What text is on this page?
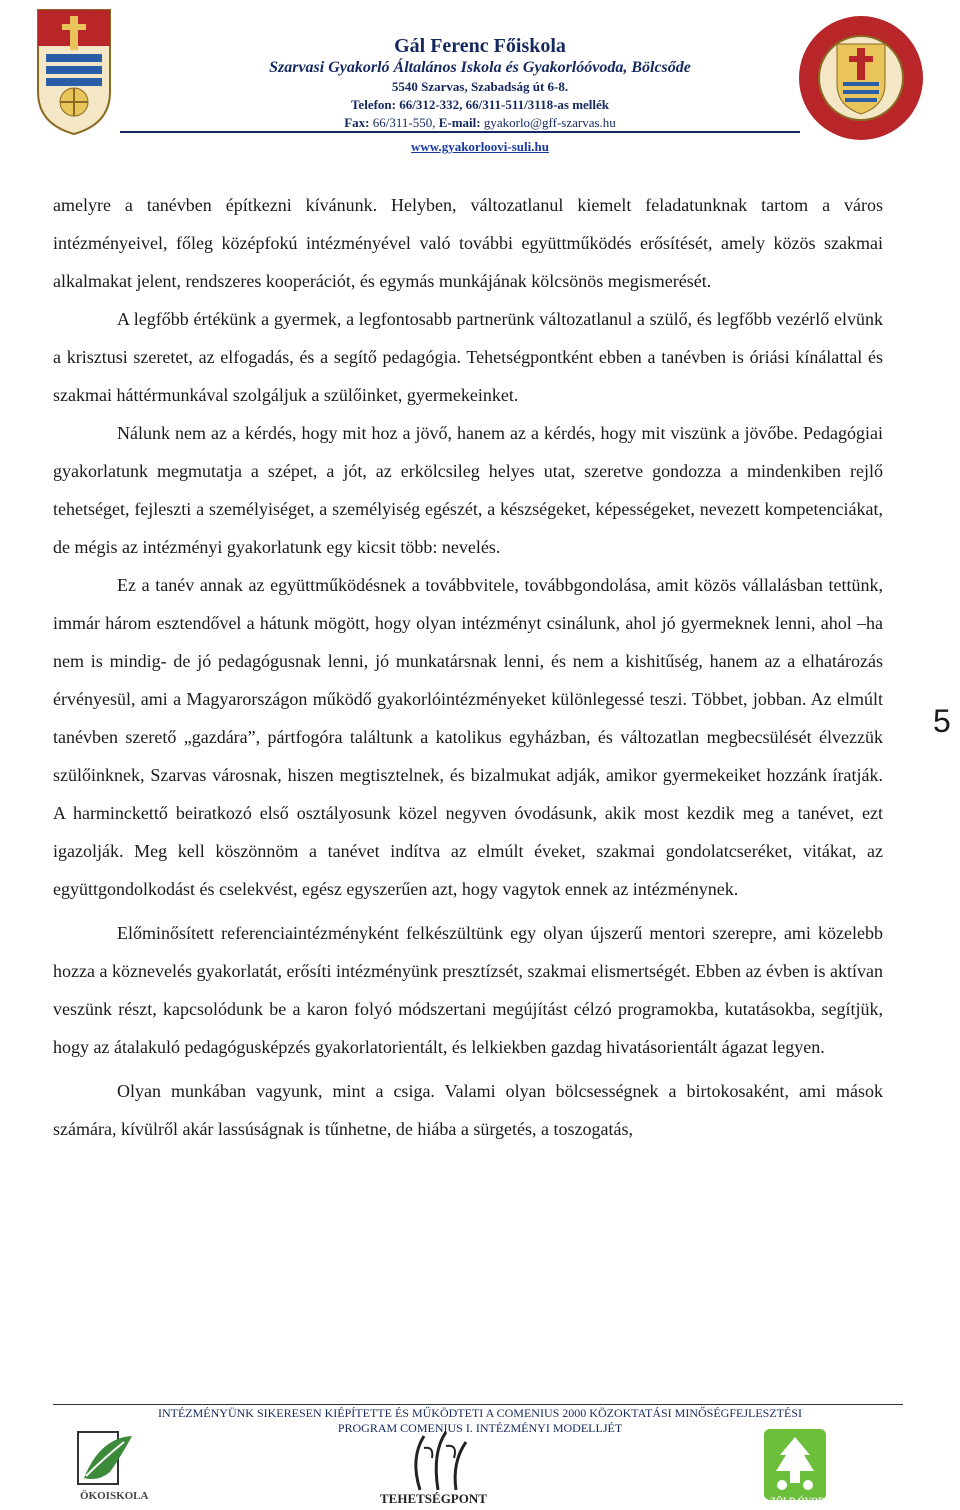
Gál Ferenc Főiskola
Szarvasi Gyakorló Általános Iskola és Gyakorlóóvoda, Bölcsőde
5540 Szarvas, Szabadság út 6-8.
Telefon: 66/312-332, 66/311-511/3118-as mellék
Fax: 66/311-550, E-mail: gyakorlo@gff-szarvas.hu
www.gyakorloovi-suli.hu

amelyre a tanévben építkezni kívánunk. Helyben, változatlanul kiemelt feladatunknak tartom a város intézményeivel, főleg középfokú intézményével való további együttműködés erősítését, amely közös szakmai alkalmakat jelent, rendszeres kooperációt, és egymás munkájának kölcsönös megismerését.

A legfőbb értékünk a gyermek, a legfontosabb partnerünk változatlanul a szülő, és legfőbb vezérlő elvünk a krisztusi szeretet, az elfogadás, és a segítő pedagógia. Tehetségpontként ebben a tanévben is óriási kínálattal és szakmai háttérmunkával szolgáljuk a szülőinket, gyermekeinket.

Nálunk nem az a kérdés, hogy mit hoz a jövő, hanem az a kérdés, hogy mit viszünk a jövőbe. Pedagógiai gyakorlatunk megmutatja a szépet, a jót, az erkölcsileg helyes utat, szeretve gondozza a mindenkiben rejlő tehetséget, fejleszti a személyiséget, a személyiség egészét, a készségeket, képességeket, nevezett kompetenciákat, de mégis az intézményi gyakorlatunk egy kicsit több: nevelés.

Ez a tanév annak az együttműködésnek a továbbvitele, továbbgondolása, amit közös vállalásban tettünk, immár három esztendővel a hátunk mögött, hogy olyan intézményt csinálunk, ahol jó gyermeknek lenni, ahol –ha nem is mindig- de jó pedagógusnak lenni, jó munkatársnak lenni, és nem a kishitűség, hanem az a elhatározás érvényesül, ami a Magyarországon működő gyakorlóintézményeket különlegessé teszi. Többet, jobban. Az elmúlt tanévben szerető „gazdára”, pártfogóra találtunk a katolikus egyházban, és változatlan megbecsülését élvezzük szülőinknek, Szarvas városnak, hiszen megtisztelnek, és bizalmukat adják, amikor gyermekeiket hozzánk íratják. A harminckettő beiratkozó első osztályosunk közel negyven óvodásunk, akik most kezdik meg a tanévet, ezt igazolják. Meg kell köszönnöm a tanévet indítva az elmúlt éveket, szakmai gondolatcseréket, vitákat, az együttgondolkodást és cselekvést, egész egyszerűen azt, hogy vagytok ennek az intézménynek.

Előminősített referenciaintézményként felkészültünk egy olyan újszerű mentori szerepre, ami közelebb hozza a köznevelés gyakorlatát, erősíti intézményünk presztízsét, szakmai elismertségét. Ebben az évben is aktívan veszünk részt, kapcsolódunk be a karon folyó módszertani megújítást célzó programokba, kutatásokba, segítjük, hogy az átalakuló pedagógusképzés gyakorlatorientált, és lelkiekben gazdag hivatásorientált ágazat legyen.

Olyan munkában vagyunk, mint a csiga. Valami olyan bölcsességnek a birtokosaként, ami mások számára, kívülről akár lassúságnak is tűnhetne, de hiába a sürgetés, a toszogatás,

5
INTÉZMÉNYÜNK SIKERESEN KIÉPÍTETTE ÉS MŰKÖDTETI A COMENIUS 2000 KÖZOKTATÁSI MINŐSÉGFEJLESZTÉSI
PROGRAM COMENIUS I. INTÉZMÉNYI MODELLJÉT
ÖKOISKOLA	TEHETSÉGPONT	ZÖLD ÓVODA
